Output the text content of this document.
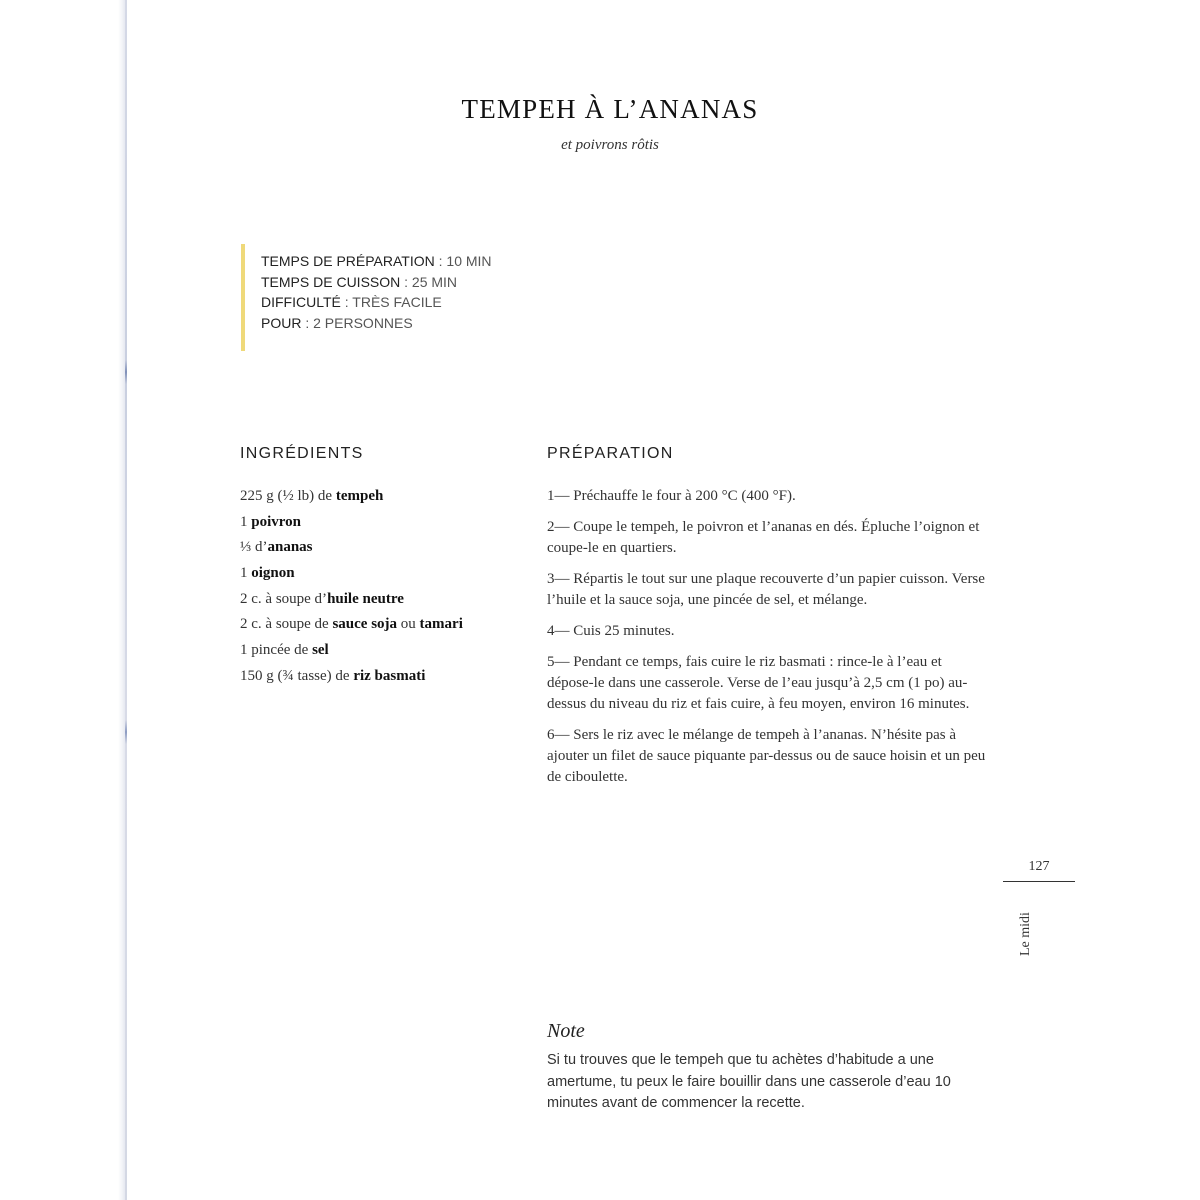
TEMPEH À L’ANANAS
et poivrons rôtis
TEMPS DE PRÉPARATION : 10 MIN
TEMPS DE CUISSON : 25 MIN
DIFFICULTÉ : TRÈS FACILE
POUR : 2 PERSONNES
INGRÉDIENTS	PRÉPARATION
225 g (½ lb) de tempeh
1 poivron
⅓ d’ananas
1 oignon
2 c. à soupe d’huile neutre
2 c. à soupe de sauce soja ou tamari
1 pincée de sel
150 g (¾ tasse) de riz basmati

1— Préchauffe le four à 200 °C (400 °F).

2— Coupe le tempeh, le poivron et l’ananas en dés. Épluche l’oignon et coupe-le en quartiers.

3— Répartis le tout sur une plaque recouverte d’un papier cuisson. Verse l’huile et la sauce soja, une pincée de sel, et mélange.

4— Cuis 25 minutes.

5— Pendant ce temps, fais cuire le riz basmati : rince-le à l’eau et dépose-le dans une casserole. Verse de l’eau jusqu’à 2,5 cm (1 po) au-dessus du niveau du riz et fais cuire, à feu moyen, environ 16 minutes.

6— Sers le riz avec le mélange de tempeh à l’ananas. N’hésite pas à ajouter un filet de sauce piquante par-dessus ou de sauce hoisin et un peu de ciboulette.

127
Le midi
Note
Si tu trouves que le tempeh que tu achètes d’habitude a une amertume, tu peux le faire bouillir dans une casserole d’eau 10 minutes avant de commencer la recette.
